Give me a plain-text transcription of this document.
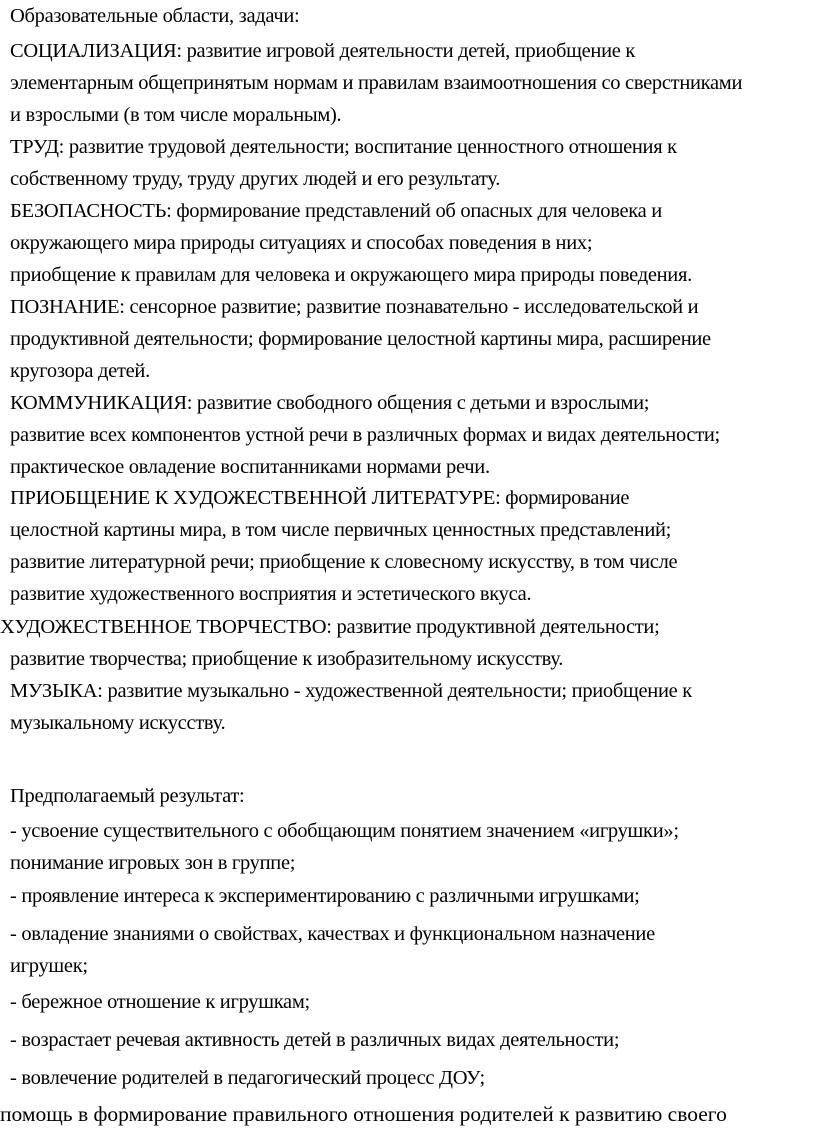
Образовательные области, задачи:
СОЦИАЛИЗАЦИЯ: развитие игровой деятельности детей, приобщение к
элементарным общепринятым нормам и правилам взаимоотношения со сверстниками
и взрослыми (в том числе моральным).
ТРУД: развитие трудовой деятельности; воспитание ценностного отношения к
собственному труду, труду других людей и его результату.
БЕЗОПАСНОСТЬ: формирование представлений об опасных для человека и
окружающего мира природы ситуациях и способах поведения в них;
приобщение к правилам для человека и окружающего мира природы поведения.
ПОЗНАНИЕ: сенсорное развитие; развитие познавательно - исследовательской и
продуктивной деятельности; формирование целостной картины мира, расширение
кругозора детей.
КОММУНИКАЦИЯ: развитие свободного общения с детьми и взрослыми;
развитие всех компонентов устной речи в различных формах и видах деятельности;
практическое овладение воспитанниками нормами речи.
ПРИОБЩЕНИЕ К ХУДОЖЕСТВЕННОЙ ЛИТЕРАТУРЕ: формирование
целостной картины мира, в том числе первичных ценностных представлений;
развитие литературной речи; приобщение к словесному искусству, в том числе
развитие художественного восприятия и эстетического вкуса.
ХУДОЖЕСТВЕННОЕ ТВОРЧЕСТВО: развитие продуктивной деятельности;
развитие творчества; приобщение к изобразительному искусству.
МУЗЫКА: развитие музыкально - художественной деятельности; приобщение к
музыкальному искусству.
Предполагаемый результат:
- усвоение существительного с обобщающим понятием значением «игрушки»;
понимание игровых зон в группе;
- проявление интереса к экспериментированию с различными игрушками;
- овладение знаниями о свойствах, качествах и функциональном назначение
игрушек;
- бережное отношение к игрушкам;
- возрастает речевая активность детей в различных видах деятельности;
- вовлечение родителей в педагогический процесс ДОУ;
помощь в формирование правильного отношения родителей к развитию своего
